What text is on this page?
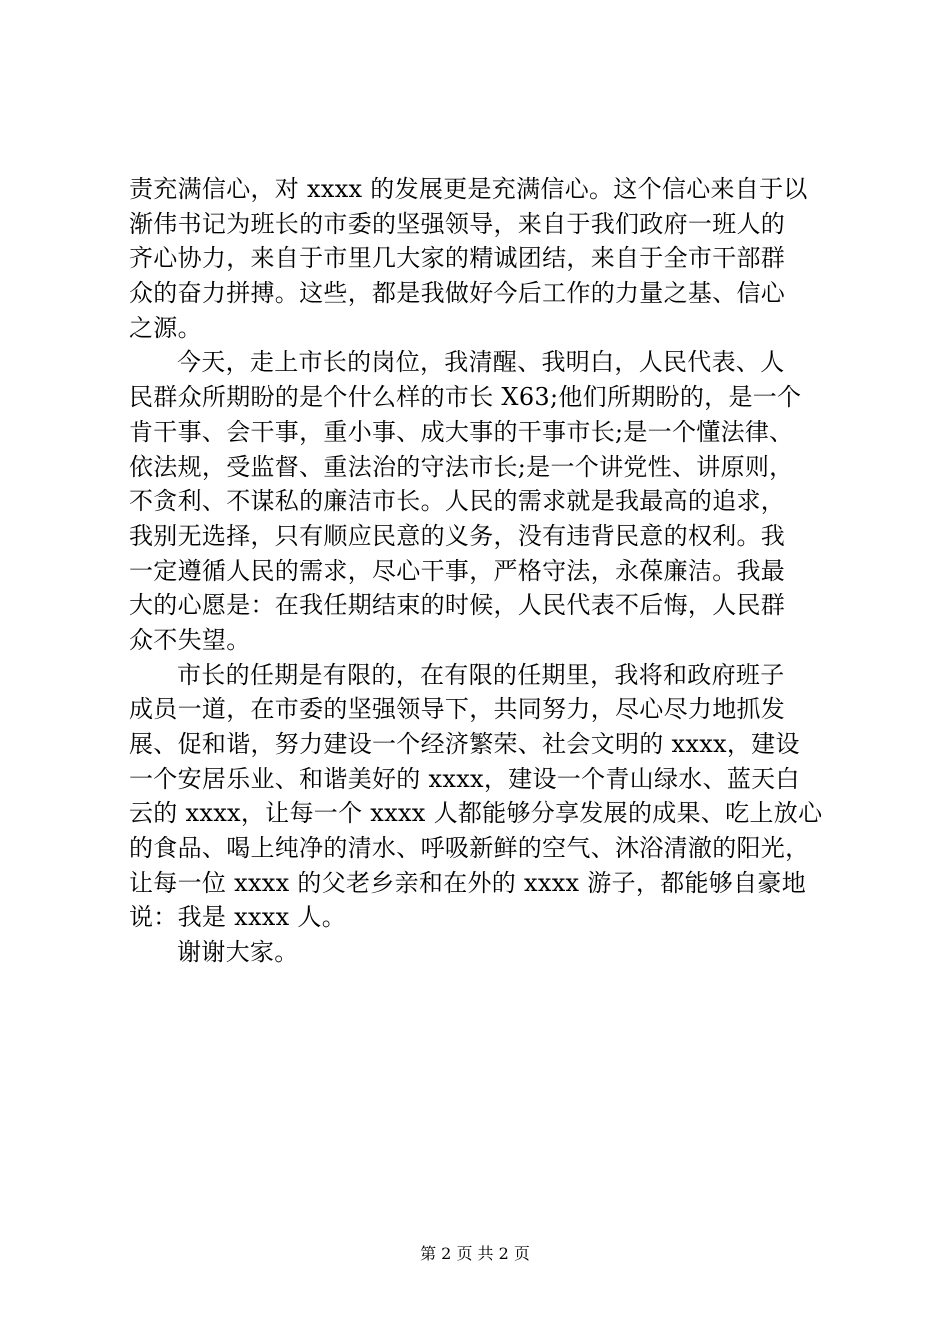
责充满信心，对 xxxx 的发展更是充满信心。这个信心来自于以
渐伟书记为班长的市委的坚强领导，来自于我们政府一班人的
齐心协力，来自于市里几大家的精诚团结，来自于全市干部群
众的奋力拼搏。这些，都是我做好今后工作的力量之基、信心
之源。
今天，走上市长的岗位，我清醒、我明白，人民代表、人
民群众所期盼的是个什么样的市长 X63;他们所期盼的，是一个
肯干事、会干事，重小事、成大事的干事市长;是一个懂法律、
依法规，受监督、重法治的守法市长;是一个讲党性、讲原则，
不贪利、不谋私的廉洁市长。人民的需求就是我最高的追求，
我别无选择，只有顺应民意的义务，没有违背民意的权利。我
一定遵循人民的需求，尽心干事，严格守法，永葆廉洁。我最
大的心愿是：在我任期结束的时候，人民代表不后悔，人民群
众不失望。
市长的任期是有限的，在有限的任期里，我将和政府班子
成员一道，在市委的坚强领导下，共同努力，尽心尽力地抓发
展、促和谐，努力建设一个经济繁荣、社会文明的 xxxx，建设
一个安居乐业、和谐美好的 xxxx，建设一个青山绿水、蓝天白
云的 xxxx，让每一个 xxxx 人都能够分享发展的成果、吃上放心
的食品、喝上纯净的清水、呼吸新鲜的空气、沐浴清澈的阳光，
让每一位 xxxx 的父老乡亲和在外的 xxxx 游子，都能够自豪地
说：我是 xxxx 人。
谢谢大家。
第 2 页 共 2 页
